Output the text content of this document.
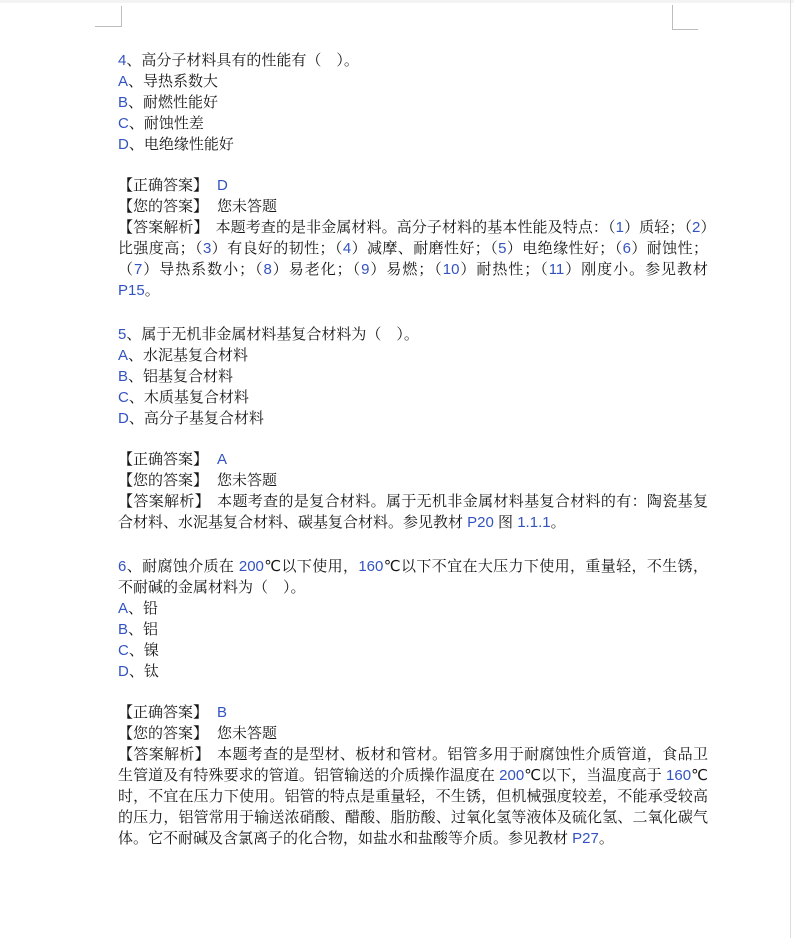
4、高分子材料具有的性能有（　）。

A、导热系数大

B、耐燃性能好

C、耐蚀性差

D、电绝缘性能好

【正确答案】 D

【您的答案】 您未答题

【答案解析】 本题考查的是非金属材料。高分子材料的基本性能及特点：（1）质轻；（2）比强度高；（3）有良好的韧性；（4）减摩、耐磨性好；（5）电绝缘性好；（6）耐蚀性；（7）导热系数小；（8）易老化；（9）易燃；（10）耐热性；（11）刚度小。参见教材 P15。

5、属于无机非金属材料基复合材料为（　）。

A、水泥基复合材料

B、铝基复合材料

C、木质基复合材料

D、高分子基复合材料

【正确答案】 A

【您的答案】 您未答题

【答案解析】 本题考查的是复合材料。属于无机非金属材料基复合材料的有：陶瓷基复合材料、水泥基复合材料、碳基复合材料。参见教材 P20 图 1.1.1。

6、耐腐蚀介质在 200℃以下使用，160℃以下不宜在大压力下使用，重量轻，不生锈，不耐碱的金属材料为（　）。

A、铅

B、铝

C、镍

D、钛

【正确答案】 B

【您的答案】 您未答题

【答案解析】 本题考查的是型材、板材和管材。铝管多用于耐腐蚀性介质管道，食品卫生管道及有特殊要求的管道。铝管输送的介质操作温度在 200℃以下，当温度高于 160℃时，不宜在压力下使用。铝管的特点是重量轻，不生锈，但机械强度较差，不能承受较高的压力，铝管常用于输送浓硝酸、醋酸、脂肪酸、过氧化氢等液体及硫化氢、二氧化碳气体。它不耐碱及含氯离子的化合物，如盐水和盐酸等介质。参见教材 P27。
